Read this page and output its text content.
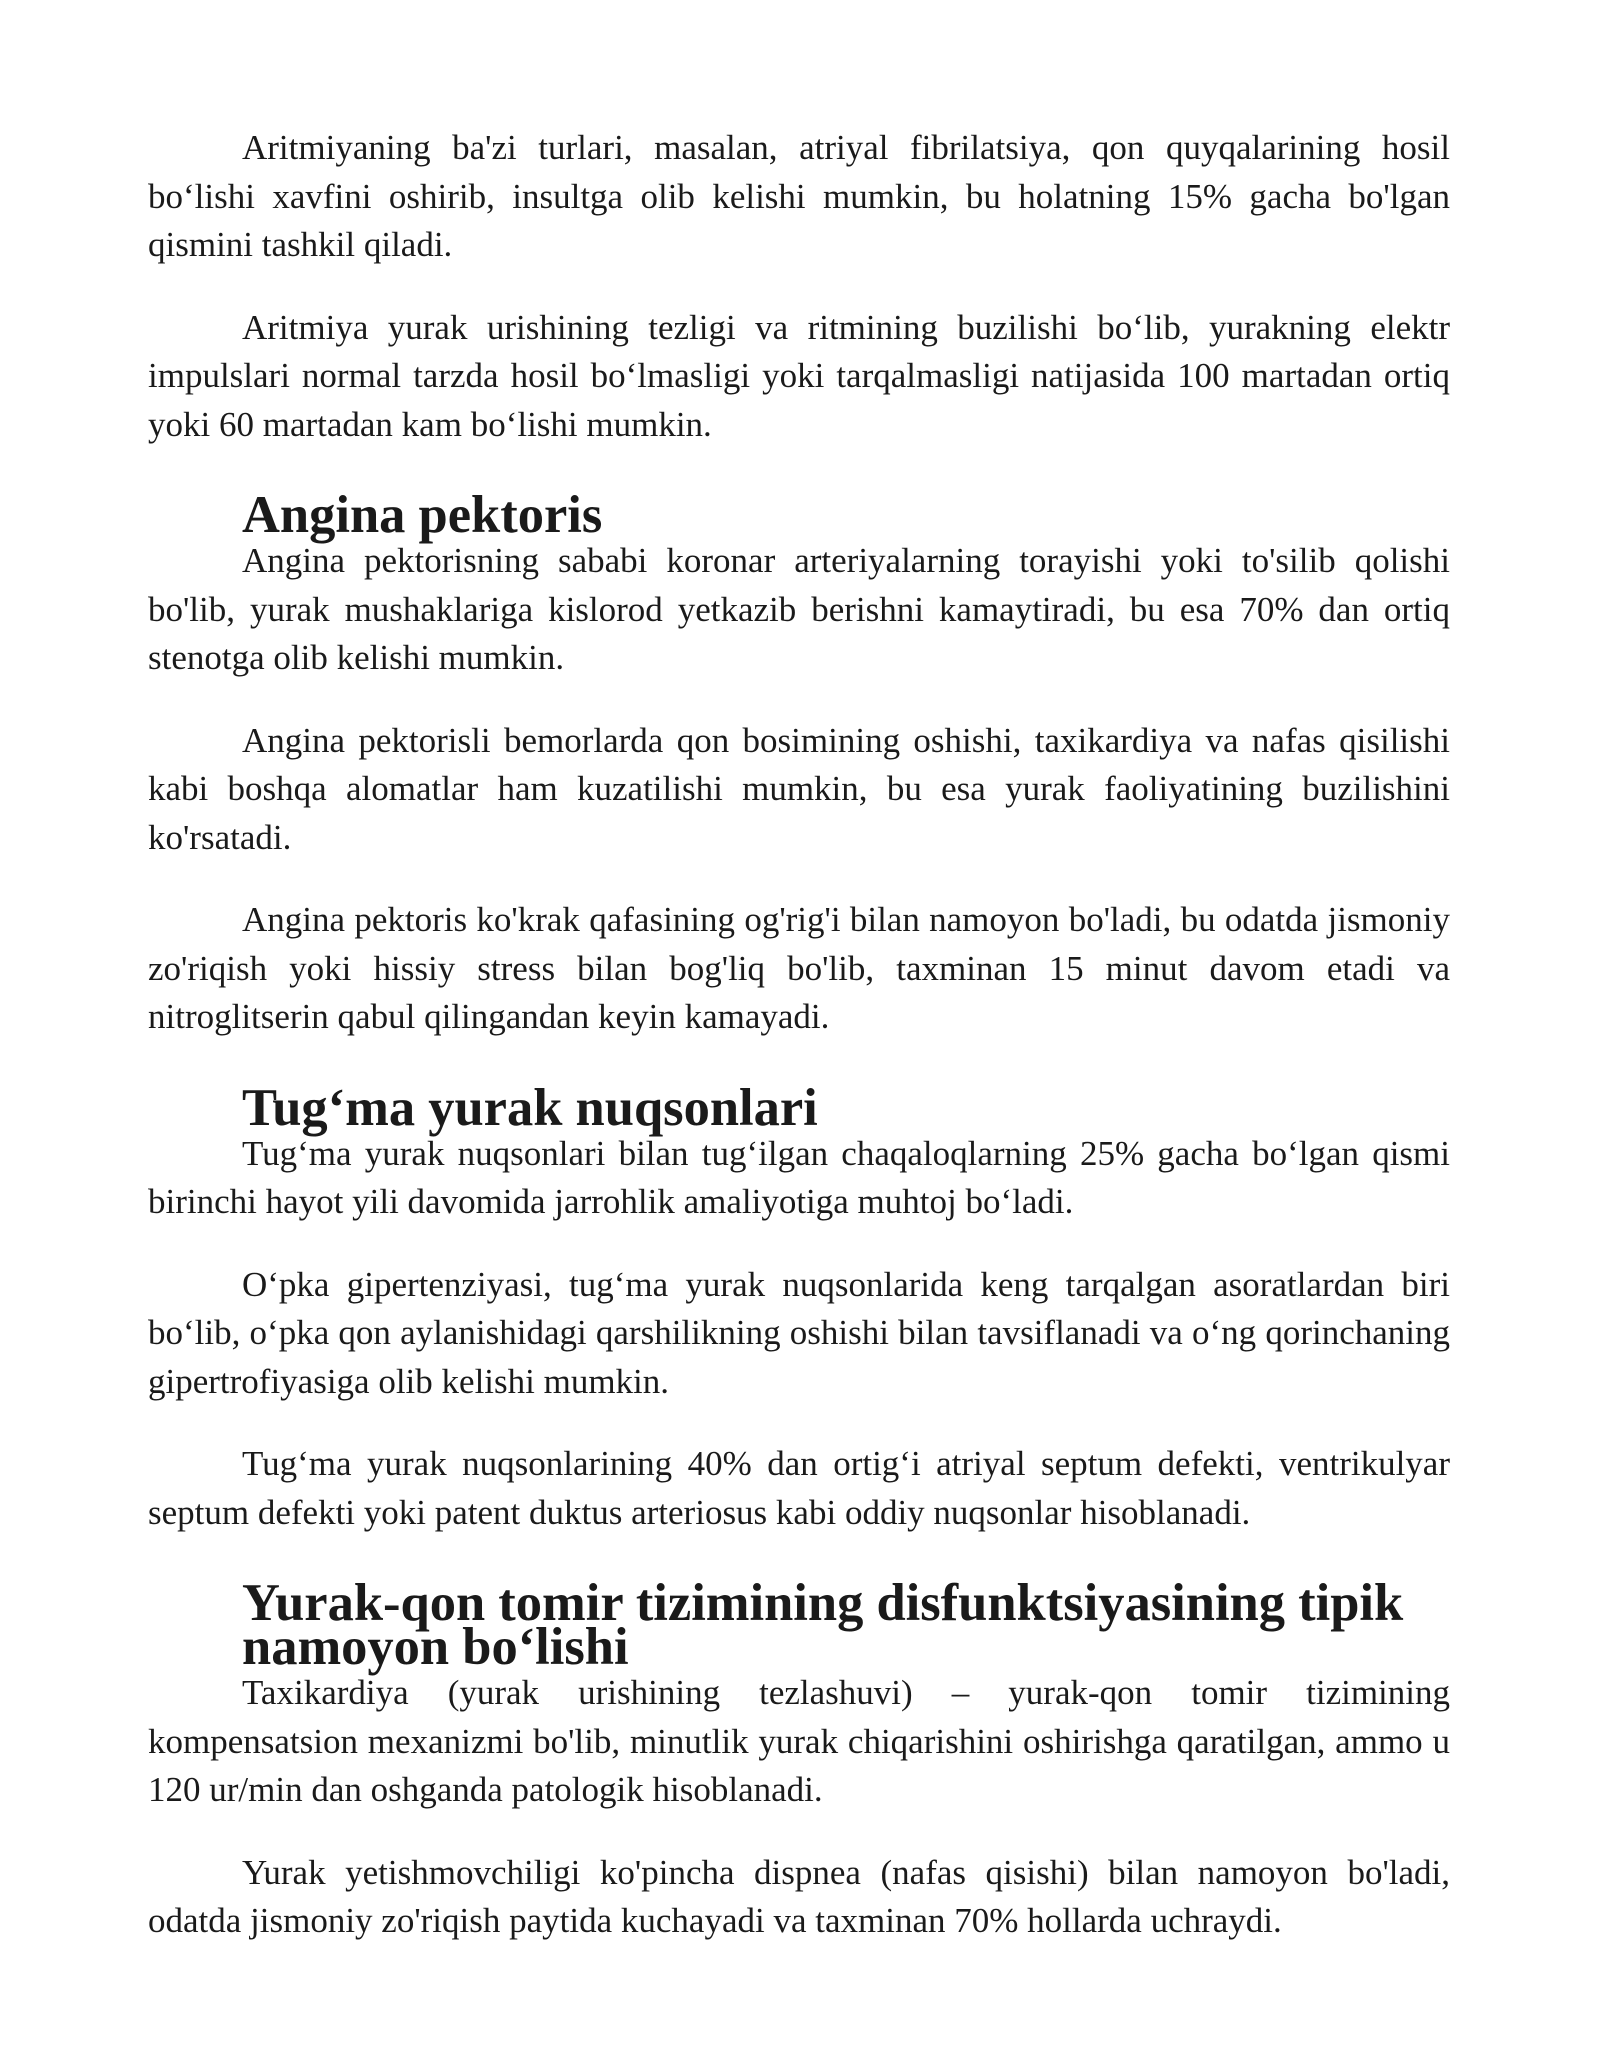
Aritmiyaning ba'zi turlari, masalan, atriyal fibrilatsiya, qon quyqalarining hosil bo‘lishi xavfini oshirib, insultga olib kelishi mumkin, bu holatning 15% gacha bo'lgan qismini tashkil qiladi.

Aritmiya yurak urishining tezligi va ritmining buzilishi bo‘lib, yurakning elektr impulslari normal tarzda hosil bo‘lmasligi yoki tarqalmasligi natijasida 100 martadan ortiq yoki 60 martadan kam bo‘lishi mumkin.

Angina pektoris

Angina pektorisning sababi koronar arteriyalarning torayishi yoki to'silib qolishi bo'lib, yurak mushaklariga kislorod yetkazib berishni kamaytiradi, bu esa 70% dan ortiq stenotga olib kelishi mumkin.

Angina pektorisli bemorlarda qon bosimining oshishi, taxikardiya va nafas qisilishi kabi boshqa alomatlar ham kuzatilishi mumkin, bu esa yurak faoliyatining buzilishini ko'rsatadi.

Angina pektoris ko'krak qafasining og'rig'i bilan namoyon bo'ladi, bu odatda jismoniy zo'riqish yoki hissiy stress bilan bog'liq bo'lib, taxminan 15 minut davom etadi va nitroglitserin qabul qilingandan keyin kamayadi.

Tug‘ma yurak nuqsonlari

Tug‘ma yurak nuqsonlari bilan tug‘ilgan chaqaloqlarning 25% gacha bo‘lgan qismi birinchi hayot yili davomida jarrohlik amaliyotiga muhtoj bo‘ladi.

O‘pka gipertenziyasi, tug‘ma yurak nuqsonlarida keng tarqalgan asoratlardan biri bo‘lib, o‘pka qon aylanishidagi qarshilikning oshishi bilan tavsiflanadi va o‘ng qorinchaning gipertrofiyasiga olib kelishi mumkin.

Tug‘ma yurak nuqsonlarining 40% dan ortig‘i atriyal septum defekti, ventrikulyar septum defekti yoki patent duktus arteriosus kabi oddiy nuqsonlar hisoblanadi.

Yurak-qon tomir tizimining disfunktsiyasining tipik namoyon bo‘lishi

Taxikardiya (yurak urishining tezlashuvi) – yurak-qon tomir tizimining kompensatsion mexanizmi bo'lib, minutlik yurak chiqarishini oshirishga qaratilgan, ammo u 120 ur/min dan oshganda patologik hisoblanadi.

Yurak yetishmovchiligi ko'pincha dispnea (nafas qisishi) bilan namoyon bo'ladi, odatda jismoniy zo'riqish paytida kuchayadi va taxminan 70% hollarda uchraydi.
